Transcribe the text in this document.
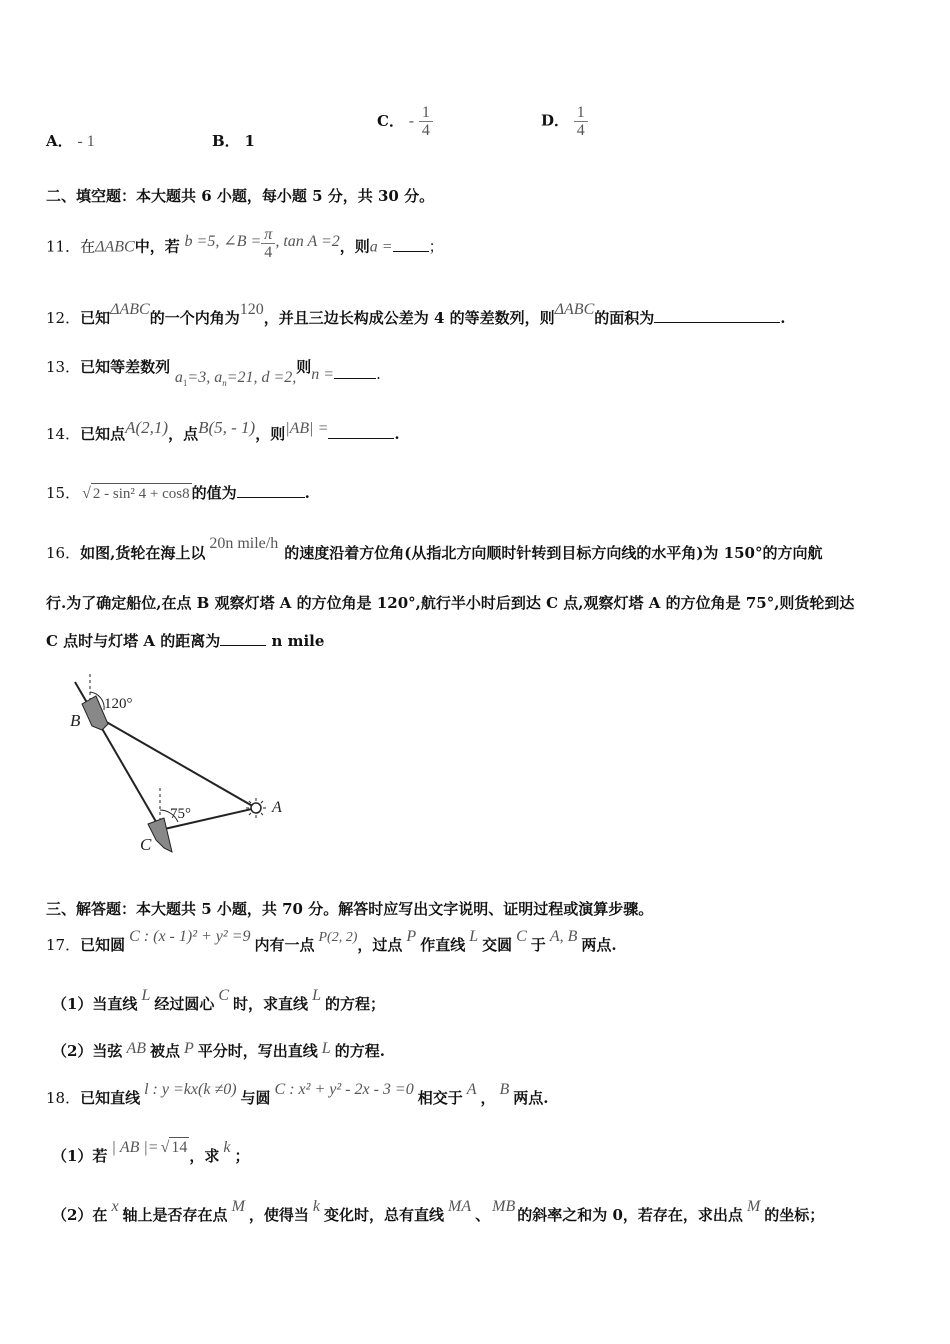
A． - 1	B． 1
C． - $\frac{1}{4}$	D． $\frac{1}{4}$
二、填空题：本大题共 6 小题，每小题 5 分，共 30 分。
11．在ΔABC中，若 b =5, ∠B = $\frac{\pi}{4}$ , tan A =2，则a = ；
12．已知ΔABC的一个内角为120，并且三边长构成公差为 4 的等差数列，则ΔABC的面积为	.
13．已知等差数列 $a_1=3$, $a_n=21$, d =2,则n =	.
14．已知点A(2,1)，点B(5, - 1)，则|AB| =	.
15． √ 2 - sin² 4 + cos8 的值为	.
16．如图,货轮在海上以20n mile/h的速度沿着方位角(从指北方向顺时针转到目标方向线的水平角)为 150°的方向航
行.为了确定船位,在点 B 观察灯塔 A 的方位角是 120°,航行半小时后到达 C 点,观察灯塔 A 的方位角是 75°,则货轮到达
C 点时与灯塔 A 的距离为	n mile
120°
75°	A
B
C
三、解答题：本大题共 5 小题，共 70 分。解答时应写出文字说明、证明过程或演算步骤。
17．已知圆 C : (x - 1)² + y² =9 内有一点 P(2, 2)，过点 P 作直线 L 交圆 C 于 A, B 两点.
（1）当直线 L 经过圆心 C 时，求直线 L 的方程；
（2）当弦 AB 被点 P 平分时，写出直线 L 的方程.
18．已知直线 l : y =kx(k ≠0) 与圆 C : x² + y² - 2x - 3 =0 相交于 A ， B 两点.
（1）若 | AB |= √ 14 ，求 k ；
（2）在 x 轴上是否存在点 M ，使得当 k 变化时，总有直线 MA 、 MB 的斜率之和为 0，若存在，求出点 M 的坐标；
